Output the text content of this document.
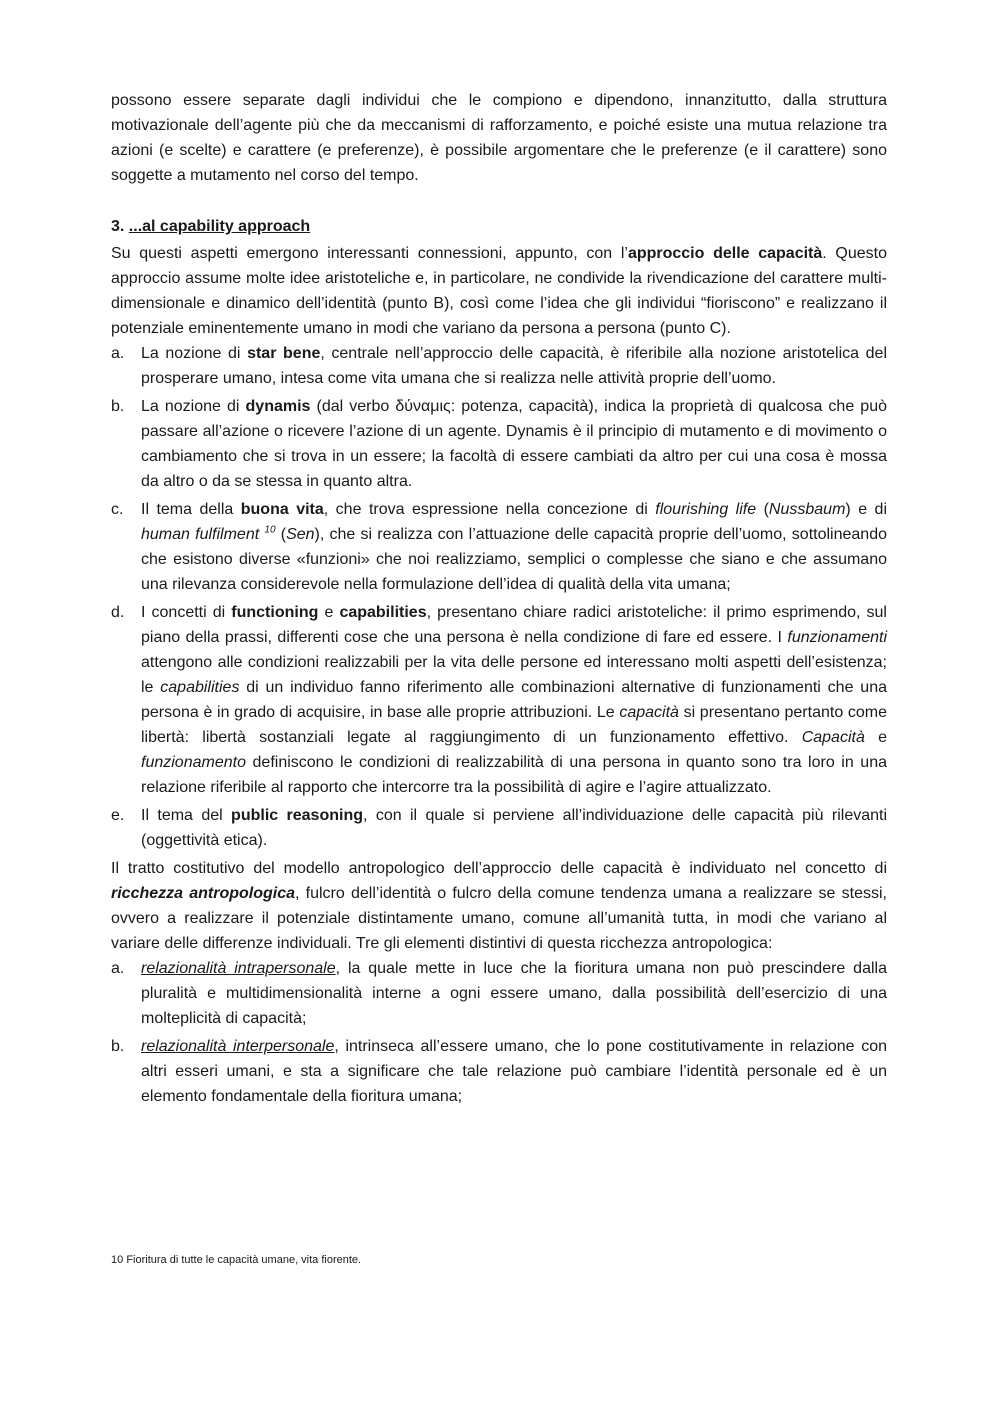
possono essere separate dagli individui che le compiono e dipendono, innanzitutto, dalla struttura motivazionale dell’agente più che da meccanismi di rafforzamento, e poiché esiste una mutua relazione tra azioni (e scelte) e carattere (e preferenze), è possibile argomentare che le preferenze (e il carattere) sono soggette a mutamento nel corso del tempo.

3. ...al capability approach

Su questi aspetti emergono interessanti connessioni, appunto, con l’approccio delle capacità. Questo approccio assume molte idee aristoteliche e, in particolare, ne condivide la rivendicazione del carattere multi-dimensionale e dinamico dell’identità (punto B), così come l’idea che gli individui “fioriscono” e realizzano il potenziale eminentemente umano in modi che variano da persona a persona (punto C).

a. La nozione di star bene, centrale nell’approccio delle capacità, è riferibile alla nozione aristotelica del prosperare umano, intesa come vita umana che si realizza nelle attività proprie dell’uomo.
b. La nozione di dynamis (dal verbo δύναμις: potenza, capacità), indica la proprietà di qualcosa che può passare all’azione o ricevere l’azione di un agente. Dynamis è il principio di mutamento e di movimento o cambiamento che si trova in un essere; la facoltà di essere cambiati da altro per cui una cosa è mossa da altro o da se stessa in quanto altra.
c. Il tema della buona vita, che trova espressione nella concezione di flourishing life (Nussbaum) e di human fulfilment $^{10}$ (Sen), che si realizza con l’attuazione delle capacità proprie dell’uomo, sottolineando che esistono diverse «funzioni» che noi realizziamo, semplici o complesse che siano e che assumano una rilevanza considerevole nella formulazione dell’idea di qualità della vita umana;
d. I concetti di functioning e capabilities, presentano chiare radici aristoteliche: il primo esprimendo, sul piano della prassi, differenti cose che una persona è nella condizione di fare ed essere. I funzionamenti attengono alle condizioni realizzabili per la vita delle persone ed interessano molti aspetti dell’esistenza; le capabilities di un individuo fanno riferimento alle combinazioni alternative di funzionamenti che una persona è in grado di acquisire, in base alle proprie attribuzioni. Le capacità si presentano pertanto come libertà: libertà sostanziali legate al raggiungimento di un funzionamento effettivo. Capacità e funzionamento definiscono le condizioni di realizzabilità di una persona in quanto sono tra loro in una relazione riferibile al rapporto che intercorre tra la possibilità di agire e l’agire attualizzato.
e. Il tema del public reasoning, con il quale si perviene all’individuazione delle capacità più rilevanti (oggettività etica).

Il tratto costitutivo del modello antropologico dell’approccio delle capacità è individuato nel concetto di ricchezza antropologica, fulcro dell’identità o fulcro della comune tendenza umana a realizzare se stessi, ovvero a realizzare il potenziale distintamente umano, comune all’umanità tutta, in modi che variano al variare delle differenze individuali. Tre gli elementi distintivi di questa ricchezza antropologica:

a. relazionalità intrapersonale, la quale mette in luce che la fioritura umana non può prescindere dalla pluralità e multidimensionalità interne a ogni essere umano, dalla possibilità dell’esercizio di una molteplicità di capacità;
b. relazionalità interpersonale, intrinseca all’essere umano, che lo pone costitutivamente in relazione con altri esseri umani, e sta a significare che tale relazione può cambiare l’identità personale ed è un elemento fondamentale della fioritura umana;
10 Fioritura di tutte le capacità umane, vita fiorente.
